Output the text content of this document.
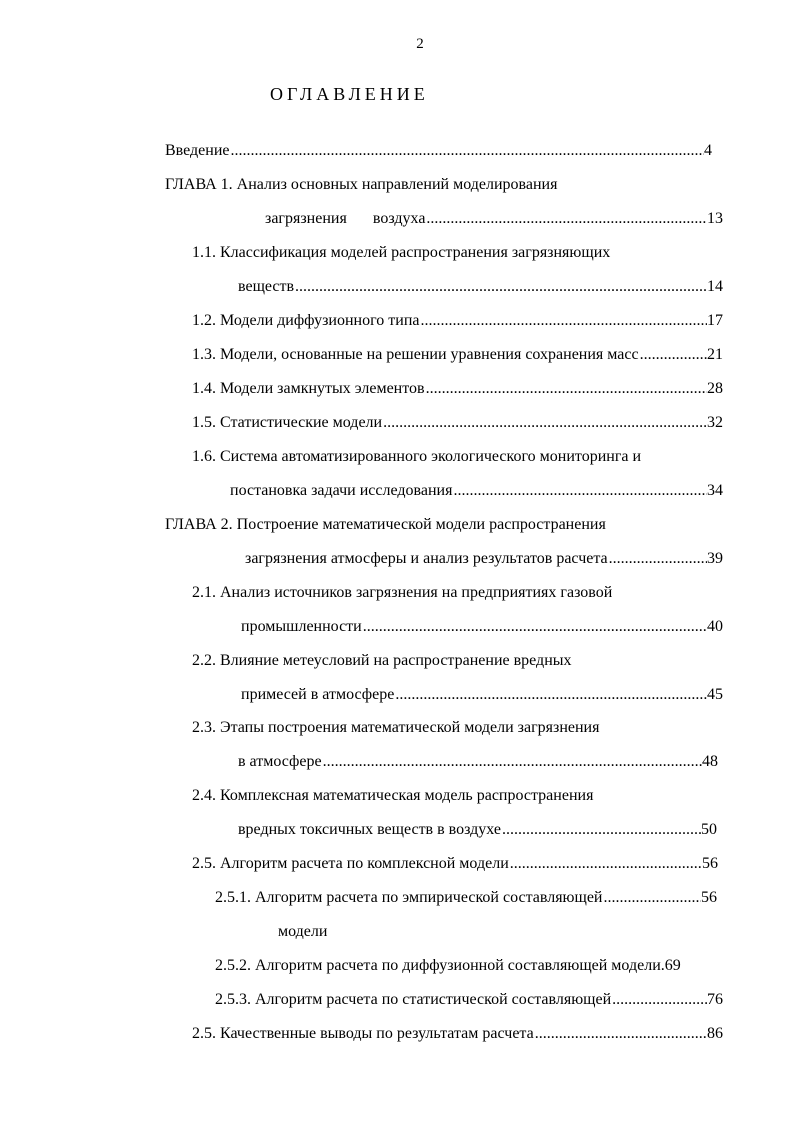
2
ОГЛАВЛЕНИЕ
Введение .....	4
ГЛАВА 1. Анализ основных направлений моделирования
загрязнения воздуха .....	13
1.1. Классификация моделей распространения загрязняющих
веществ .....	14
1.2. Модели диффузионного типа .....	17
1.3. Модели, основанные на решении уравнения сохранения масс .....	21
1.4. Модели замкнутых элементов .....	28
1.5. Статистические модели .....	32
1.6. Система автоматизированного экологического мониторинга и
постановка задачи исследования .....	34
ГЛАВА 2. Построение математической модели распространения
загрязнения атмосферы и анализ результатов расчета .....	39
2.1. Анализ источников загрязнения на предприятиях газовой
промышленности .....	40
2.2. Влияние метеусловий на распространение вредных
примесей в атмосфере .....	45
2.3. Этапы построения математической модели загрязнения
в атмосфере .....	48
2.4. Комплексная математическая модель распространения
вредных токсичных веществ в воздухе .....	50
2.5. Алгоритм расчета по комплексной модели .....	56
2.5.1. Алгоритм расчета по эмпирической составляющей .....	56
модели
2.5.2. Алгоритм расчета по диффузионной составляющей модели. 69
2.5.3. Алгоритм расчета по статистической составляющей .....	76
2.5. Качественные выводы по результатам расчета .....	86
